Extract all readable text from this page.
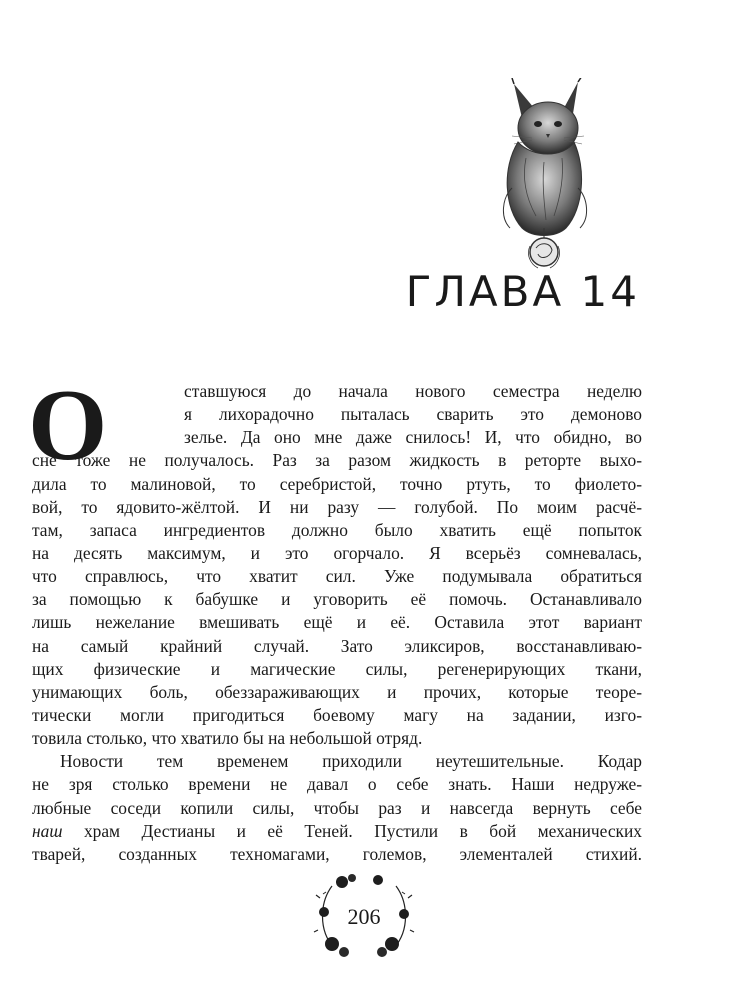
ГЛАВА 14
О	ставшуюся до начала нового семестра неделю
я лихорадочно пыталась сварить это демоново
зелье. Да оно мне даже снилось! И, что обидно, во
сне тоже не получалось. Раз за разом жидкость в реторте выхо-
дила то малиновой, то серебристой, точно ртуть, то фиолето-
вой, то ядовито-жёлтой. И ни разу — голубой. По моим расчё-
там, запаса ингредиентов должно было хватить ещё попыток
на десять максимум, и это огорчало. Я всерьёз сомневалась,
что справлюсь, что хватит сил. Уже подумывала обратиться
за помощью к бабушке и уговорить её помочь. Останавливало
лишь нежелание вмешивать ещё и её. Оставила этот вариант
на самый крайний случай. Зато эликсиров, восстанавливаю-
щих физические и магические силы, регенерирующих ткани,
унимающих боль, обеззараживающих и прочих, которые теоре-
тически могли пригодиться боевому магу на задании, изго-
товила столько, что хватило бы на небольшой отряд.
Новости тем временем приходили неутешительные. Кодар
не зря столько времени не давал о себе знать. Наши недруже-
любные соседи копили силы, чтобы раз и навсегда вернуть себе
наш храм Дестианы и её Теней. Пустили в бой механических
тварей, созданных техномагами, големов, элементалей стихий.
206
